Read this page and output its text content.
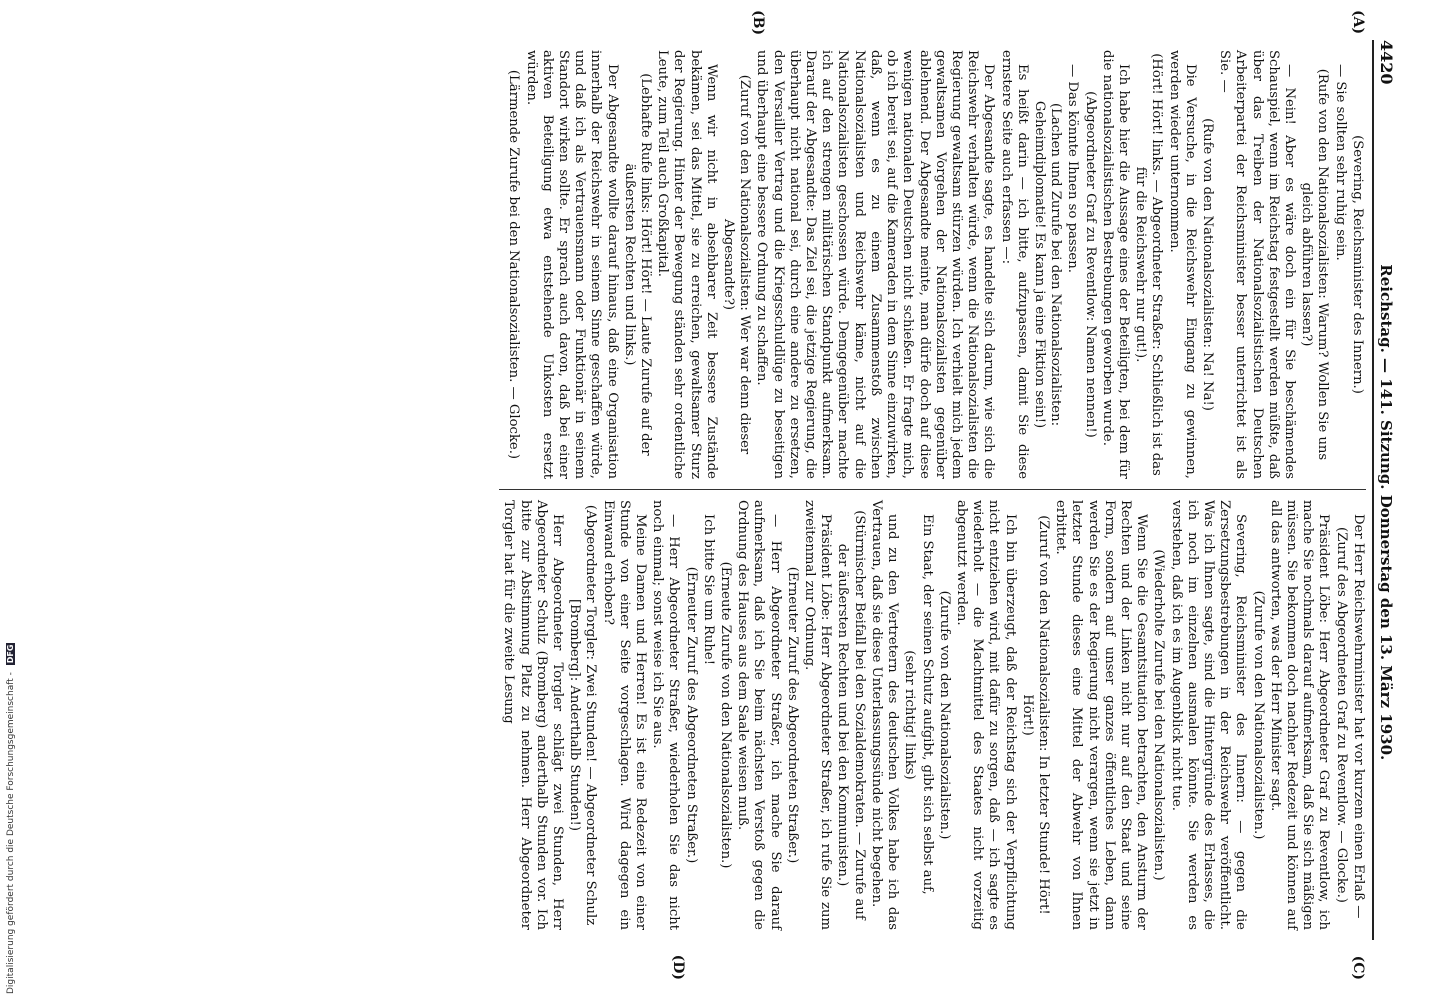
4420
Reichstag. — 141. Sitzung. Donnerstag den 13. März 1930.
(A)
(B)
(C)
(D)

(Severing, Reichsminister des Innern.)

— Sie sollten sehr ruhig sein.

(Rufe von den Nationalsozialisten: Warum? Wollen Sie uns gleich abführen lassen?)

— Nein! Aber es wäre doch ein für Sie beschämendes Schauspiel, wenn im Reichstag festgestellt werden müßte, daß über das Treiben der Nationalsozialistischen Deutschen Arbeiterpartei der Reichsminister besser unterrichtet ist als Sie. —

(Rufe von den Nationalsozialisten: Na! Na!)

Die Versuche, in die Reichswehr Eingang zu gewinnen, werden wieder unternommen.

(Hört! Hört! links. — Abgeordneter Straßer: Schließlich ist das für die Reichswehr nur gut!).

Ich habe hier die Aussage eines der Beteiligten, bei dem für die nationalsozialistischen Bestrebungen geworben wurde.

(Abgeordneter Graf zu Reventlow: Namen nennen!)

— Das könnte Ihnen so passen.

(Lachen und Zurufe bei den Nationalsozialisten: Geheimdiplomatie! Es kann ja eine Fiktion sein!)

Es heißt darin — ich bitte, aufzupassen, damit Sie diese ernstere Seite auch erfassen —:

Der Abgesandte sagte, es handelte sich darum, wie sich die Reichswehr verhalten würde, wenn die Nationalsozialisten die Regierung gewaltsam stürzen würden. Ich verhielt mich jedem gewaltsamen Vorgehen der Nationalsozialisten gegenüber ablehnend. Der Abgesandte meinte, man dürfe doch auf diese wenigen nationalen Deutschen nicht schießen. Er fragte mich, ob ich bereit sei, auf die Kameraden in dem Sinne einzuwirken, daß, wenn es zu einem Zusammenstoß zwischen Nationalsozialisten und Reichswehr käme, nicht auf die Nationalsozialisten geschossen würde. Demgegenüber machte ich auf den strengen militärischen Standpunkt aufmerksam. Darauf der Abgesandte: Das Ziel sei, die jetzige Regierung, die überhaupt nicht national sei, durch eine andere zu ersetzen, den Versailler Vertrag und die Kriegsschuldlüge zu beseitigen und überhaupt eine bessere Ordnung zu schaffen.

(Zuruf von den Nationalsozialisten: Wer war denn dieser Abgesandte?)

Wenn wir nicht in absehbarer Zeit bessere Zustände bekämen, sei das Mittel, sie zu erreichen, gewaltsamer Sturz der Regierung. Hinter der Bewegung ständen sehr ordentliche Leute, zum Teil auch Großkapital.

(Lebhafte Rufe links: Hört! Hört! — Laute Zurufe auf der äußersten Rechten und links.)

Der Abgesandte wollte darauf hinaus, daß eine Organisation innerhalb der Reichswehr in seinem Sinne geschaffen würde, und daß ich als Vertrauensmann oder Funktionär in seinem Standort wirken sollte. Er sprach auch davon, daß bei einer aktiven Beteiligung etwa entstehende Unkosten ersetzt würden.

(Lärmende Zurufe bei den Nationalsozialisten. — Glocke.)

Der Herr Reichswehrminister hat vor kurzem einen Erlaß —

(Zuruf des Abgeordneten Graf zu Reventlow. — Glocke.)

Präsident Löbe: Herr Abgeordneter Graf zu Reventlow, ich mache Sie nochmals darauf aufmerksam, daß Sie sich mäßigen müssen. Sie bekommen doch nachher Redezeit und können auf all das antworten, was der Herr Minister sagt.

(Zurufe von den Nationalsozialisten.)

Severing, Reichsminister des Innern: — gegen die Zersetzungsbestrebungen in der Reichswehr veröffentlicht. Was ich Ihnen sagte, sind die Hintergründe des Erlasses, die ich noch im einzelnen ausmalen könnte. Sie werden es verstehen, daß ich es im Augenblick nicht tue.

(Wiederholte Zurufe bei den Nationalsozialisten.)

Wenn Sie die Gesamtsituation betrachten, den Ansturm der Rechten und der Linken nicht nur auf den Staat und seine Form, sondern auf unser ganzes öffentliches Leben, dann werden Sie es der Regierung nicht verargen, wenn sie jetzt in letzter Stunde dieses eine Mittel der Abwehr von Ihnen erbittet.

(Zuruf von den Nationalsozialisten: In letzter Stunde! Hört! Hört!)

Ich bin überzeugt, daß der Reichstag sich der Verpflichtung nicht entziehen wird, mit dafür zu sorgen, daß — ich sagte es wiederholt — die Machtmittel des Staates nicht vorzeitig abgenutzt werden.

(Zurufe von den Nationalsozialisten.)

Ein Staat, der seinen Schutz aufgibt, gibt sich selbst auf,

(sehr richtig! links)

und zu den Vertretern des deutschen Volkes habe ich das Vertrauen, daß sie diese Unterlassungssünde nicht begehen.

(Stürmischer Beifall bei den Sozialdemokraten. — Zurufe auf der äußersten Rechten und bei den Kommunisten.)

Präsident Löbe: Herr Abgeordneter Straßer, ich rufe Sie zum zweitenmal zur Ordnung.

(Erneuter Zuruf des Abgeordneten Straßer.)

— Herr Abgeordneter Straßer, ich mache Sie darauf aufmerksam, daß ich Sie beim nächsten Verstoß gegen die Ordnung des Hauses aus dem Saale weisen muß.

(Erneute Zurufe von den Nationalsozialisten.)

Ich bitte Sie um Ruhe!

(Erneuter Zuruf des Abgeordneten Straßer.)

— Herr Abgeordneter Straßer, wiederholen Sie das nicht noch einmal; sonst weise ich Sie aus.

Meine Damen und Herren! Es ist eine Redezeit von einer Stunde von einer Seite vorgeschlagen. Wird dagegen ein Einwand erhoben?

(Abgeordneter Torgler: Zwei Stunden! — Abgeordneter Schulz [Bromberg]: Anderthalb Stunden!)

Herr Abgeordneter Torgler schlägt zwei Stunden, Herr Abgeordneter Schulz (Bromberg) anderthalb Stunden vor. Ich bitte zur Abstimmung Platz zu nehmen. Herr Abgeordneter Torgler hat für die zweite Lesung

Digitalisierung gefördert durch die Deutsche Forschungsgemeinschaft - DFG
